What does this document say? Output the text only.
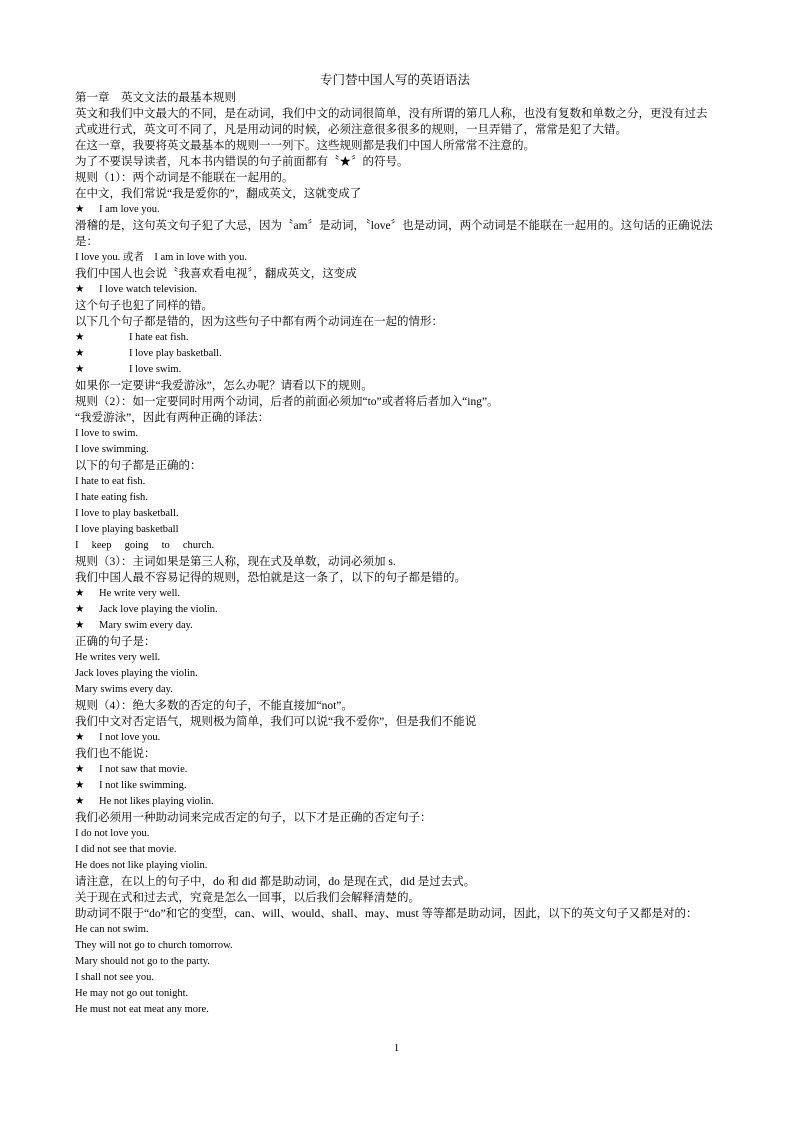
专门替中国人写的英语语法
第一章　英文文法的最基本规则
英文和我们中文最大的不同，是在动词，我们中文的动词很简单，没有所谓的第几人称，也没有复数和单数之分，更没有过去式或进行式，英文可不同了，凡是用动词的时候，必须注意很多很多的规则，一旦弄错了，常常是犯了大错。
在这一章，我要将英文最基本的规则一一列下。这些规则都是我们中国人所常常不注意的。
为了不要误导读者，凡本书内错误的句子前面都有〝★〞的符号。
规则（1）：两个动词是不能联在一起用的。
在中文，我们常说“我是爱你的”，翻成英文，这就变成了
★ I am love you.
滑稽的是，这句英文句子犯了大忌，因为〝am〞是动词，〝love〞也是动词，两个动词是不能联在一起用的。这句话的正确说法是：
I love you. 或者　I am in love with you.
我们中国人也会说〝我喜欢看电视〞，翻成英文，这变成
★ I love watch television.
这个句子也犯了同样的错。
以下几个句子都是错的，因为这些句子中都有两个动词连在一起的情形：
★	I hate eat fish.
★	I love play basketball.
★	I love swim.
如果你一定要讲“我爱游泳”，怎么办呢？请看以下的规则。
规则（2）：如一定要同时用两个动词，后者的前面必须加“to”或者将后者加入“ing”。
“我爱游泳”，因此有两种正确的译法：
I love to swim.
I love swimming.
以下的句子都是正确的：
I hate to eat fish.
I hate eating fish.
I love to play basketball.
I love playing basketball
I　 keep　 going　 to　 church.
规则（3）：主词如果是第三人称，现在式及单数，动词必须加 s.
我们中国人最不容易记得的规则，恐怕就是这一条了，以下的句子都是错的。
★ He write very well.
★ Jack love playing the violin.
★ Mary swim every day.
正确的句子是：
He writes very well.
Jack loves playing the violin.
Mary swims every day.
规则（4）：绝大多数的否定的句子，不能直接加“not”。
我们中文对否定语气，规则极为简单，我们可以说“我不爱你”，但是我们不能说
★ I not love you.
我们也不能说：
★ I not saw that movie.
★ I not like swimming.
★ He not likes playing violin.
我们必须用一种助动词来完成否定的句子，以下才是正确的否定句子：
I do not love you.
I did not see that movie.
He does not like playing violin.
请注意，在以上的句子中，do 和 did 都是助动词，do 是现在式，did 是过去式。
关于现在式和过去式，究竟是怎么一回事，以后我们会解释清楚的。
助动词不限于“do”和它的变型，can、will、would、shall、may、must 等等都是助动词，因此，以下的英文句子又都是对的：
He can not swim.
They will not go to church tomorrow.
Mary should not go to the party.
I shall not see you.
He may not go out tonight.
He must not eat meat any more.
1
